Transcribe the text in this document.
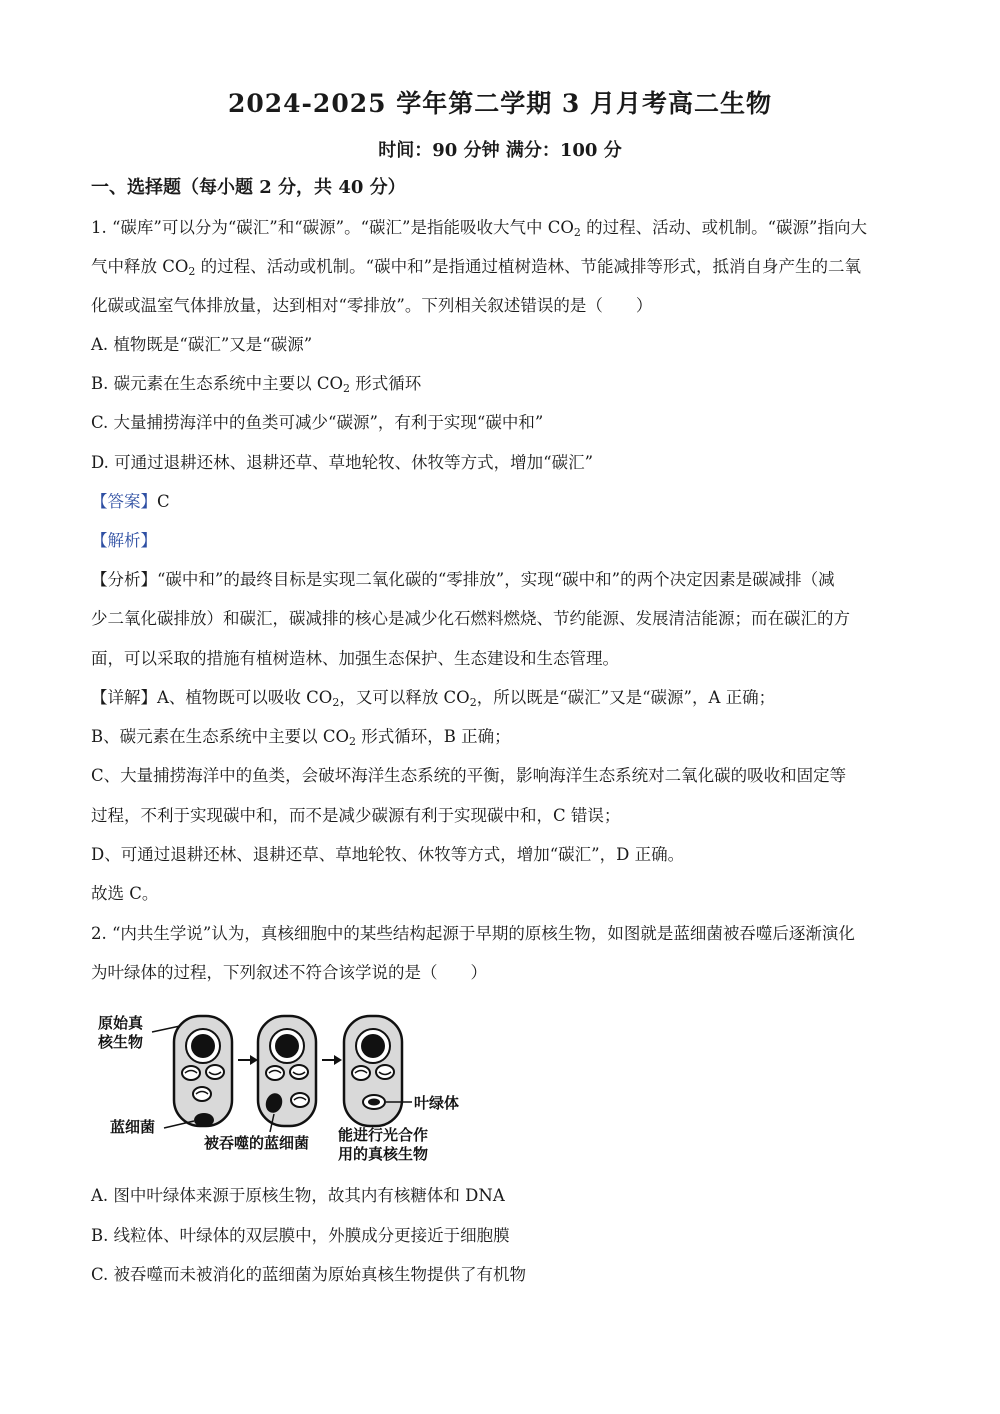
2024-2025 学年第二学期 3 月月考高二生物
时间：90 分钟 满分：100 分
一、选择题（每小题 2 分，共 40 分）
1. “碳库”可以分为“碳汇”和“碳源”。“碳汇”是指能吸收大气中 $CO_2$ 的过程、活动、或机制。“碳源”指向大
气中释放 $CO_2$ 的过程、活动或机制。“碳中和”是指通过植树造林、节能减排等形式，抵消自身产生的二氧
化碳或温室气体排放量，达到相对“零排放”。下列相关叙述错误的是（　　）
A. 植物既是“碳汇”又是“碳源”
B. 碳元素在生态系统中主要以 $CO_2$ 形式循环
C. 大量捕捞海洋中的鱼类可减少“碳源”，有利于实现“碳中和”
D. 可通过退耕还林、退耕还草、草地轮牧、休牧等方式，增加“碳汇”
【答案】C
【解析】
【分析】“碳中和”的最终目标是实现二氧化碳的“零排放”，实现“碳中和”的两个决定因素是碳减排（减
少二氧化碳排放）和碳汇，碳减排的核心是减少化石燃料燃烧、节约能源、发展清洁能源；而在碳汇的方
面，可以采取的措施有植树造林、加强生态保护、生态建设和生态管理。
【详解】A、植物既可以吸收 $CO_2$，又可以释放 $CO_2$，所以既是“碳汇”又是“碳源”，A 正确；
B、碳元素在生态系统中主要以 $CO_2$ 形式循环，B 正确；
C、大量捕捞海洋中的鱼类，会破坏海洋生态系统的平衡，影响海洋生态系统对二氧化碳的吸收和固定等
过程，不利于实现碳中和，而不是减少碳源有利于实现碳中和，C 错误；
D、可通过退耕还林、退耕还草、草地轮牧、休牧等方式，增加“碳汇”，D 正确。
故选 C。
2. “内共生学说”认为，真核细胞中的某些结构起源于早期的原核生物，如图就是蓝细菌被吞噬后逐渐演化
为叶绿体的过程，下列叙述不符合该学说的是（　　）
原始真
核生物
蓝细菌
被吞噬的蓝细菌
叶绿体
能进行光合作
用的真核生物
A. 图中叶绿体来源于原核生物，故其内有核糖体和 DNA
B. 线粒体、叶绿体的双层膜中，外膜成分更接近于细胞膜
C. 被吞噬而未被消化的蓝细菌为原始真核生物提供了有机物
